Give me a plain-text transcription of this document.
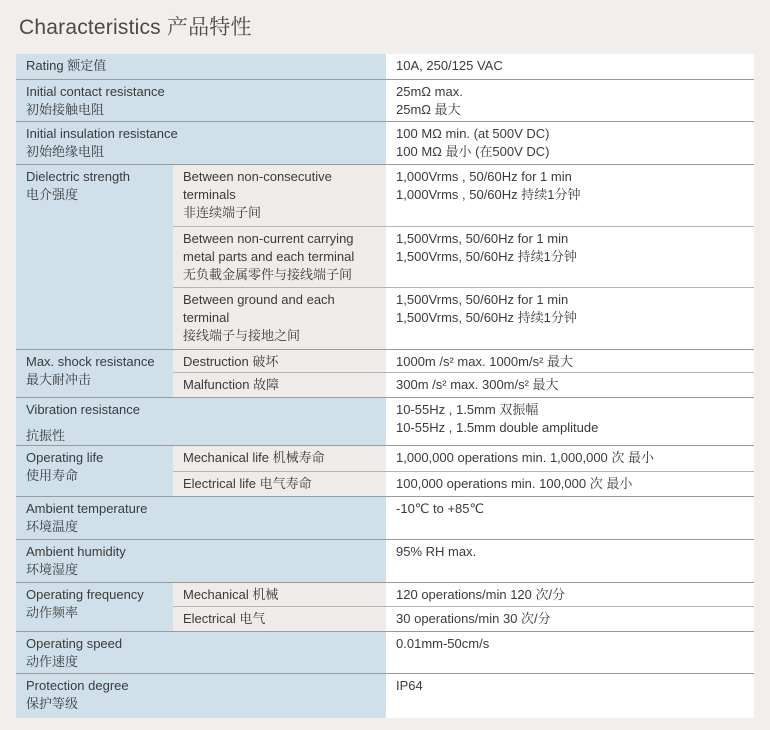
Characteristics 产品特性
Rating 额定值		10A, 250/125 VAC

Initial contact resistance
初始接触电阻		25mΩ max.
25mΩ 最大

Initial insulation resistance
初始绝缘电阻		100 MΩ min. (at 500V DC)
100 MΩ 最小 (在500V DC)

Dielectric strength
电介强度	Between non-consecutive
terminals
非连续端子间	1,000Vrms , 50/60Hz for 1 min
1,000Vrms , 50/60Hz 持续1分钟

	Between non-current carrying
metal parts and each terminal
无负載金属零件与接线端子间	1,500Vrms, 50/60Hz for 1 min
1,500Vrms, 50/60Hz 持续1分钟

	Between ground and each
terminal
接线端子与接地之间	1,500Vrms, 50/60Hz for 1 min
1,500Vrms, 50/60Hz 持续1分钟

Max. shock resistance
最大耐冲击	Destruction 破坏	1000m /s² max. 1000m/s² 最大

	Malfunction 故障	300m /s² max. 300m/s² 最大

Vibration resistance
抗振性		10-55Hz , 1.5mm 双振幅
10-55Hz , 1.5mm double amplitude

Operating life
使用寿命	Mechanical life 机械寿命	1,000,000 operations min. 1,000,000 次 最小

	Electrical life 电气寿命	100,000 operations min. 100,000 次 最小

Ambient temperature
环境温度		-10℃ to +85℃

Ambient humidity
环境湿度		95% RH max.

Operating frequency
动作频率	Mechanical 机械	120 operations/min 120 次/分

	Electrical 电气	30 operations/min 30 次/分

Operating speed
动作速度		0.01mm-50cm/s

Protection degree
保护等级		IP64
